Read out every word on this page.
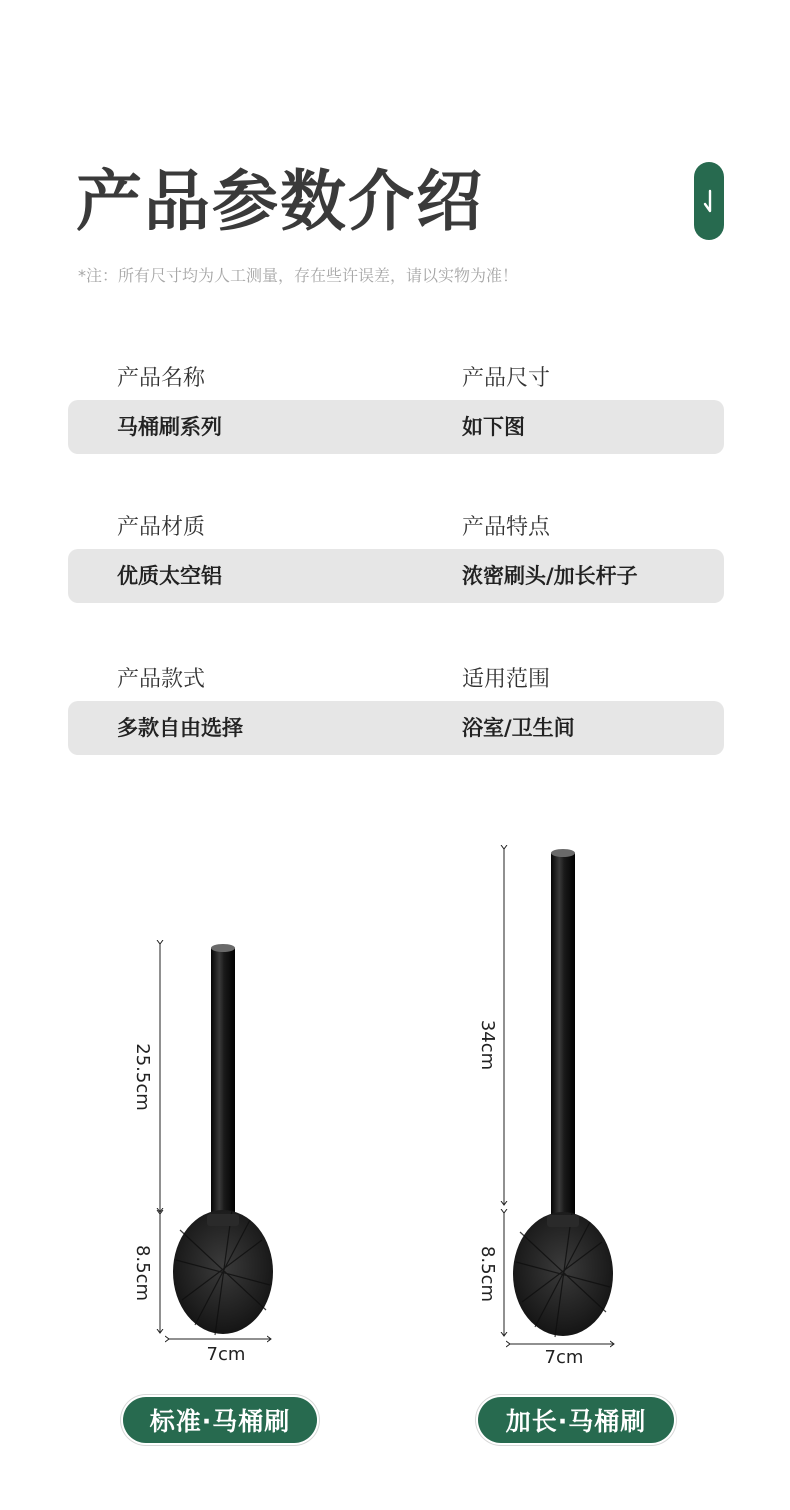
产品参数介绍
*注：所有尺寸均为人工测量，存在些许误差，请以实物为准！
产品名称	产品尺寸
马桶刷系列	如下图
产品材质	产品特点
优质太空铝	浓密刷头/加长杆子
产品款式	适用范围
多款自由选择	浴室/卫生间
25.5cm
8.5cm
7cm
34cm
8.5cm
7cm
标准·马桶刷	加长·马桶刷
